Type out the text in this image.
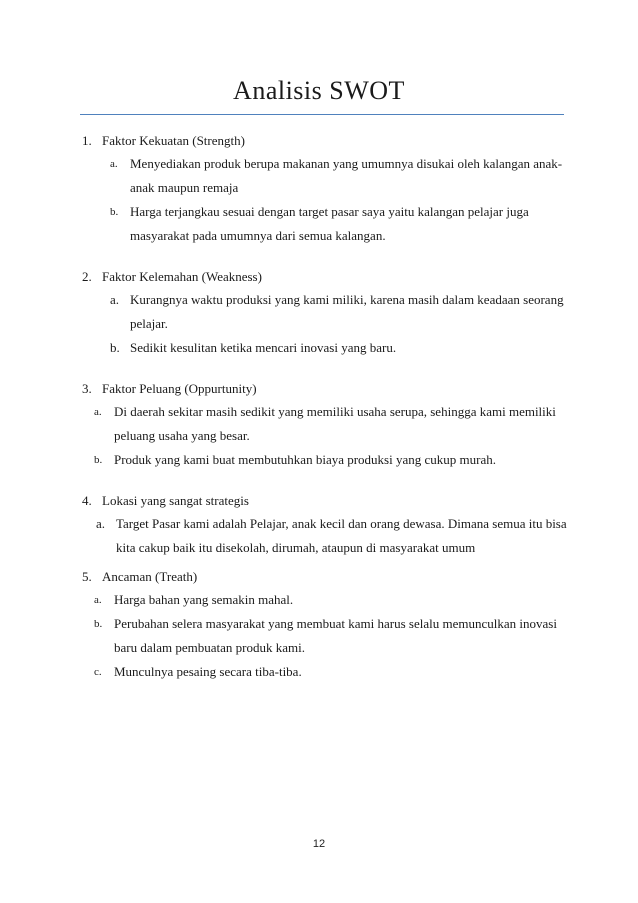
Analisis SWOT
1. Faktor Kekuatan (Strength)
a. Menyediakan produk berupa makanan yang umumnya disukai oleh kalangan anak-anak maupun remaja
b. Harga terjangkau sesuai dengan target pasar saya yaitu kalangan pelajar juga masyarakat pada umumnya dari semua kalangan.
2. Faktor Kelemahan (Weakness)
a. Kurangnya waktu produksi yang kami miliki, karena masih dalam keadaan seorang pelajar.
b. Sedikit kesulitan ketika mencari inovasi yang baru.
3. Faktor Peluang (Oppurtunity)
a. Di daerah sekitar masih sedikit yang memiliki usaha serupa, sehingga kami memiliki peluang usaha yang besar.
b. Produk yang kami buat membutuhkan biaya produksi yang cukup murah.
4. Lokasi yang sangat strategis
a. Target Pasar kami adalah Pelajar, anak kecil dan orang dewasa. Dimana semua itu bisa kita cakup baik itu disekolah, dirumah, ataupun di masyarakat umum
5. Ancaman (Treath)
a. Harga bahan yang semakin mahal.
b. Perubahan selera masyarakat yang membuat kami harus selalu memunculkan inovasi baru dalam pembuatan produk kami.
c. Munculnya pesaing secara tiba-tiba.
12
